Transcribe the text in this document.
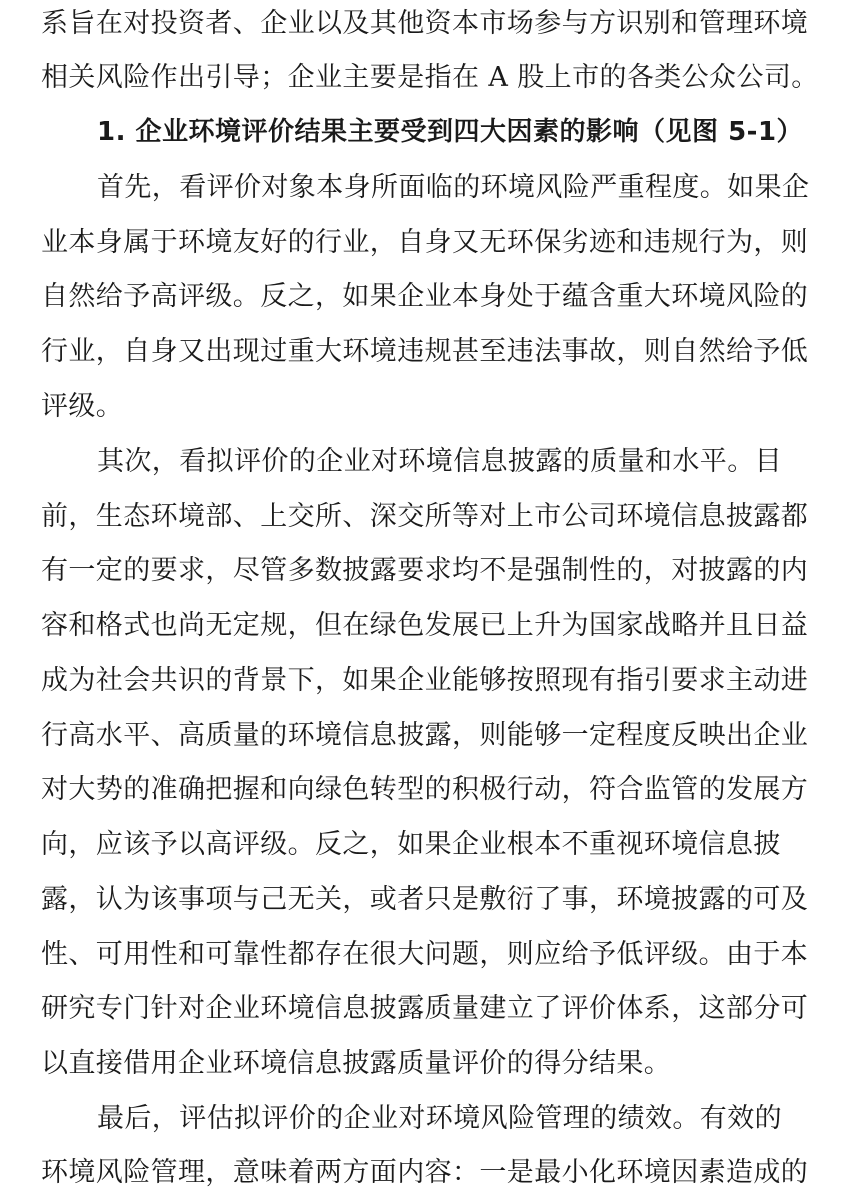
系旨在对投资者、企业以及其他资本市场参与方识别和管理环境
相关风险作出引导；企业主要是指在 A 股上市的各类公众公司。
1. 企业环境评价结果主要受到四大因素的影响（见图 5-1）
首先，看评价对象本身所面临的环境风险严重程度。如果企
业本身属于环境友好的行业，自身又无环保劣迹和违规行为，则
自然给予高评级。反之，如果企业本身处于蕴含重大环境风险的
行业，自身又出现过重大环境违规甚至违法事故，则自然给予低
评级。
其次，看拟评价的企业对环境信息披露的质量和水平。目
前，生态环境部、上交所、深交所等对上市公司环境信息披露都
有一定的要求，尽管多数披露要求均不是强制性的，对披露的内
容和格式也尚无定规，但在绿色发展已上升为国家战略并且日益
成为社会共识的背景下，如果企业能够按照现有指引要求主动进
行高水平、高质量的环境信息披露，则能够一定程度反映出企业
对大势的准确把握和向绿色转型的积极行动，符合监管的发展方
向，应该予以高评级。反之，如果企业根本不重视环境信息披
露，认为该事项与己无关，或者只是敷衍了事，环境披露的可及
性、可用性和可靠性都存在很大问题，则应给予低评级。由于本
研究专门针对企业环境信息披露质量建立了评价体系，这部分可
以直接借用企业环境信息披露质量评价的得分结果。
最后，评估拟评价的企业对环境风险管理的绩效。有效的
环境风险管理，意味着两方面内容：一是最小化环境因素造成的
